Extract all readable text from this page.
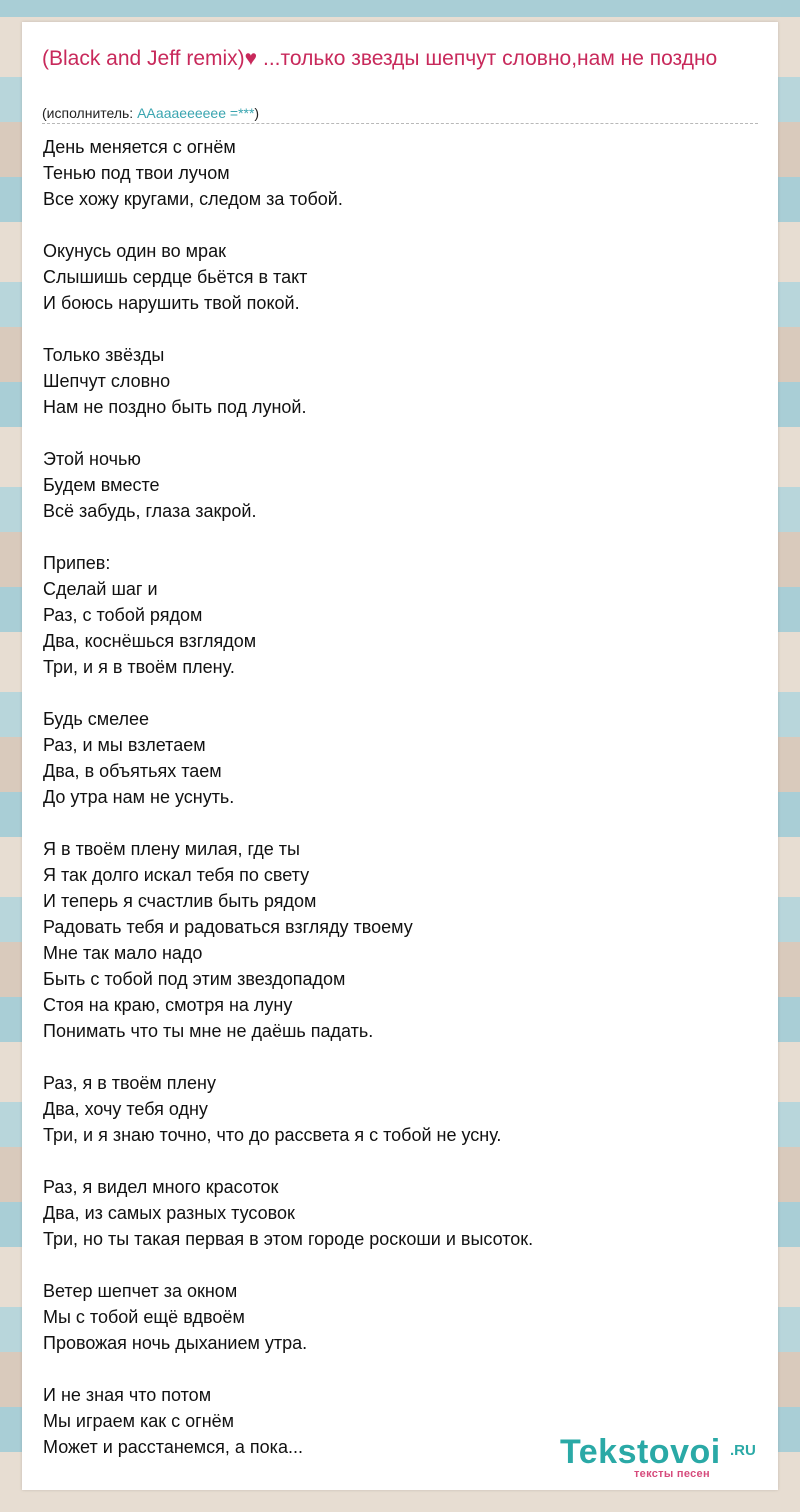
(Black and Jeff remix)♥ ...только звезды шепчут словно,нам не поздно
(исполнитель: ААаааееееее =***)
День меняется с огнём
Тенью под твои лучом
Все хожу кругами, следом за тобой.
Окунусь один во мрак
Слышишь сердце бьётся в такт
И боюсь нарушить твой покой.
Только звёзды
Шепчут словно
Нам не поздно быть под луной.
Этой ночью
Будем вместе
Всё забудь, глаза закрой.
Припев:
Сделай шаг и
Раз, с тобой рядом
Два, коснёшься взглядом
Три, и я в твоём плену.
Будь смелее
Раз, и мы взлетаем
Два, в объятьях таем
До утра нам не уснуть.
Я в твоём плену милая, где ты
Я так долго искал тебя по свету
И теперь я счастлив быть рядом
Радовать тебя и радоваться взгляду твоему
Мне так мало надо
Быть с тобой под этим звездопадом
Стоя на краю, смотря на луну
Понимать что ты мне не даёшь падать.
Раз, я в твоём плену
Два, хочу тебя одну
Три, и я знаю точно, что до рассвета я с тобой не усну.
Раз, я видел много красоток
Два, из самых разных тусовок
Три, но ты такая первая в этом городе роскоши и высоток.
Ветер шепчет за окном
Мы с тобой ещё вдвоём
Провожая ночь дыханием утра.
И не зная что потом
Мы играем как с огнём
Может и расстанемся, а пока...	Tekstovoi .RU
тексты песен
